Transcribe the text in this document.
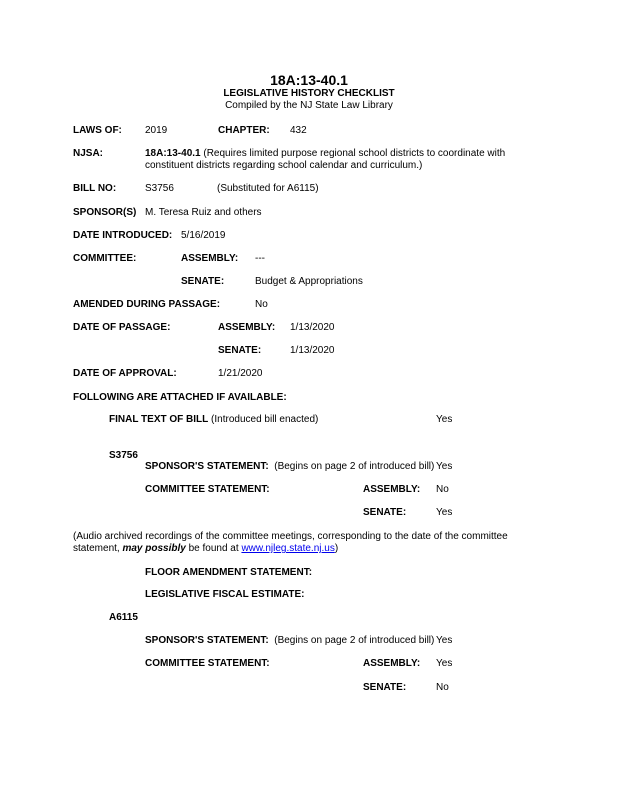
18A:13-40.1
LEGISLATIVE HISTORY CHECKLIST
Compiled by the NJ State Law Library
LAWS OF: 2019	CHAPTER: 432
NJSA:	18A:13-40.1 (Requires limited purpose regional school districts to coordinate with constituent districts regarding school calendar and curriculum.)
BILL NO:	S3756	(Substituted for A6115)
SPONSOR(S) M. Teresa Ruiz and others
DATE INTRODUCED: 5/16/2019
COMMITTEE:	ASSEMBLY: ---
SENATE:	Budget & Appropriations
AMENDED DURING PASSAGE:	No
DATE OF PASSAGE:	ASSEMBLY: 1/13/2020
SENATE:	1/13/2020
DATE OF APPROVAL:	1/21/2020
FOLLOWING ARE ATTACHED IF AVAILABLE:
FINAL TEXT OF BILL (Introduced bill enacted)	Yes
S3756
SPONSOR'S STATEMENT: (Begins on page 2 of introduced bill) Yes
COMMITTEE STATEMENT:	ASSEMBLY: No
SENATE:	Yes
(Audio archived recordings of the committee meetings, corresponding to the date of the committee statement, may possibly be found at www.njleg.state.nj.us)
FLOOR AMENDMENT STATEMENT:
LEGISLATIVE FISCAL ESTIMATE:
A6115
SPONSOR'S STATEMENT: (Begins on page 2 of introduced bill) Yes
COMMITTEE STATEMENT:	ASSEMBLY: Yes
SENATE:	No
